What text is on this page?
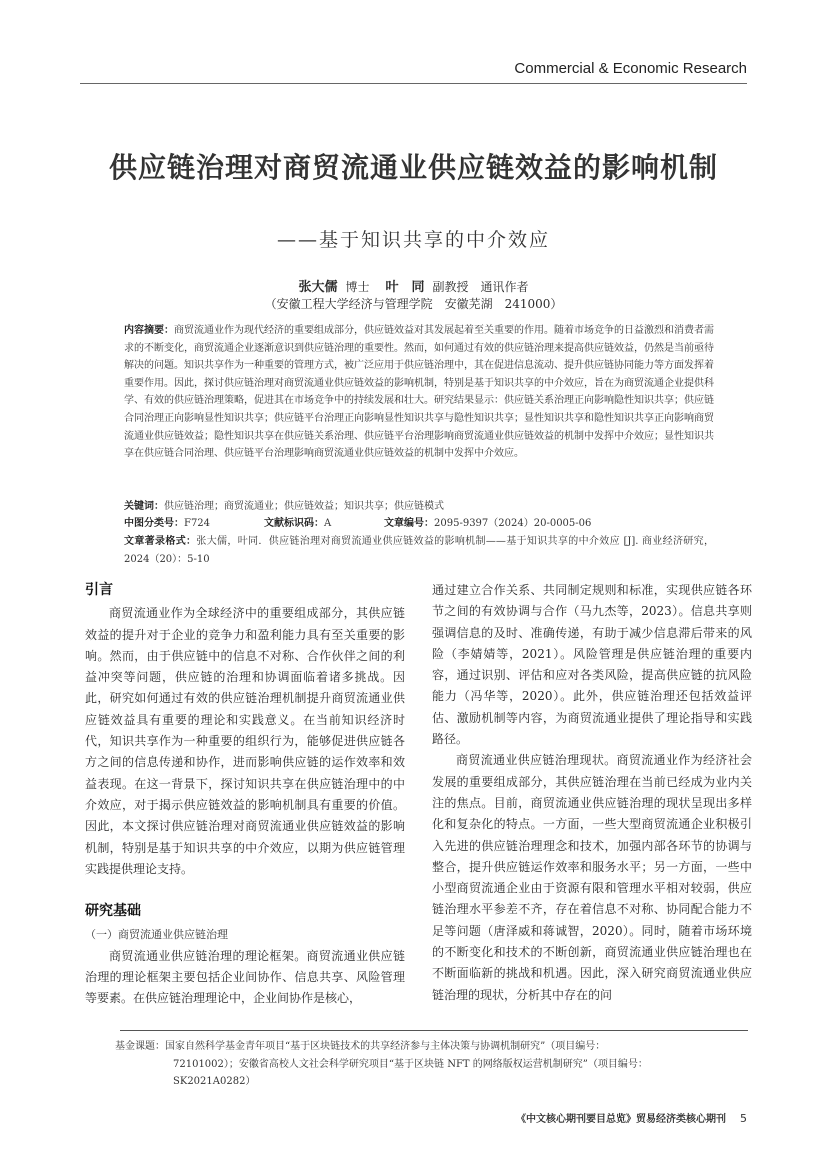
Commercial & Economic Research
供应链治理对商贸流通业供应链效益的影响机制
——基于知识共享的中介效应
张大儒 博士 叶　同 副教授　通讯作者
（安徽工程大学经济与管理学院　安徽芜湖　241000）
内容摘要：商贸流通业作为现代经济的重要组成部分，供应链效益对其发展起着至关重要的作用。随着市场竞争的日益激烈和消费者需求的不断变化，商贸流通企业逐渐意识到供应链治理的重要性。然而，如何通过有效的供应链治理来提高供应链效益，仍然是当前亟待解决的问题。知识共享作为一种重要的管理方式，被广泛应用于供应链治理中，其在促进信息流动、提升供应链协同能力等方面发挥着重要作用。因此，探讨供应链治理对商贸流通业供应链效益的影响机制，特别是基于知识共享的中介效应，旨在为商贸流通企业提供科学、有效的供应链治理策略，促进其在市场竞争中的持续发展和壮大。研究结果显示：供应链关系治理正向影响隐性知识共享；供应链合同治理正向影响显性知识共享；供应链平台治理正向影响显性知识共享与隐性知识共享；显性知识共享和隐性知识共享正向影响商贸流通业供应链效益；隐性知识共享在供应链关系治理、供应链平台治理影响商贸流通业供应链效益的机制中发挥中介效应；显性知识共享在供应链合同治理、供应链平台治理影响商贸流通业供应链效益的机制中发挥中介效应。
关键词：供应链治理；商贸流通业；供应链效益；知识共享；供应链模式
中图分类号：F724	文献标识码：A	文章编号：2095-9397（2024）20-0005-06
文章著录格式：张大儒，叶同．供应链治理对商贸流通业供应链效益的影响机制——基于知识共享的中介效应 [J]. 商业经济研究，2024（20）：5-10
引言

商贸流通业作为全球经济中的重要组成部分，其供应链效益的提升对于企业的竞争力和盈利能力具有至关重要的影响。然而，由于供应链中的信息不对称、合作伙伴之间的利益冲突等问题，供应链的治理和协调面临着诸多挑战。因此，研究如何通过有效的供应链治理机制提升商贸流通业供应链效益具有重要的理论和实践意义。在当前知识经济时代，知识共享作为一种重要的组织行为，能够促进供应链各方之间的信息传递和协作，进而影响供应链的运作效率和效益表现。在这一背景下，探讨知识共享在供应链治理中的中介效应，对于揭示供应链效益的影响机制具有重要的价值。因此，本文探讨供应链治理对商贸流通业供应链效益的影响机制，特别是基于知识共享的中介效应，以期为供应链管理实践提供理论支持。

研究基础

（一）商贸流通业供应链治理

商贸流通业供应链治理的理论框架。商贸流通业供应链治理的理论框架主要包括企业间协作、信息共享、风险管理等要素。在供应链治理理论中，企业间协作是核心，

通过建立合作关系、共同制定规则和标准，实现供应链各环节之间的有效协调与合作（马九杰等，2023）。信息共享则强调信息的及时、准确传递，有助于减少信息滞后带来的风险（李婧婧等，2021）。风险管理是供应链治理的重要内容，通过识别、评估和应对各类风险，提高供应链的抗风险能力（冯华等，2020）。此外，供应链治理还包括效益评估、激励机制等内容，为商贸流通业提供了理论指导和实践路径。

商贸流通业供应链治理现状。商贸流通业作为经济社会发展的重要组成部分，其供应链治理在当前已经成为业内关注的焦点。目前，商贸流通业供应链治理的现状呈现出多样化和复杂化的特点。一方面，一些大型商贸流通企业积极引入先进的供应链治理理念和技术，加强内部各环节的协调与整合，提升供应链运作效率和服务水平；另一方面，一些中小型商贸流通企业由于资源有限和管理水平相对较弱，供应链治理水平参差不齐，存在着信息不对称、协同配合能力不足等问题（唐泽威和蒋诚智，2020）。同时，随着市场环境的不断变化和技术的不断创新，商贸流通业供应链治理也在不断面临新的挑战和机遇。因此，深入研究商贸流通业供应链治理的现状，分析其中存在的问

基金课题：国家自然科学基金青年项目“基于区块链技术的共享经济参与主体决策与协调机制研究”（项目编号：
72101002）；安徽省高校人文社会科学研究项目“基于区块链 NFT 的网络版权运营机制研究”（项目编号：
SK2021A0282）
《中文核心期刊要目总览》贸易经济类核心期刊 5
